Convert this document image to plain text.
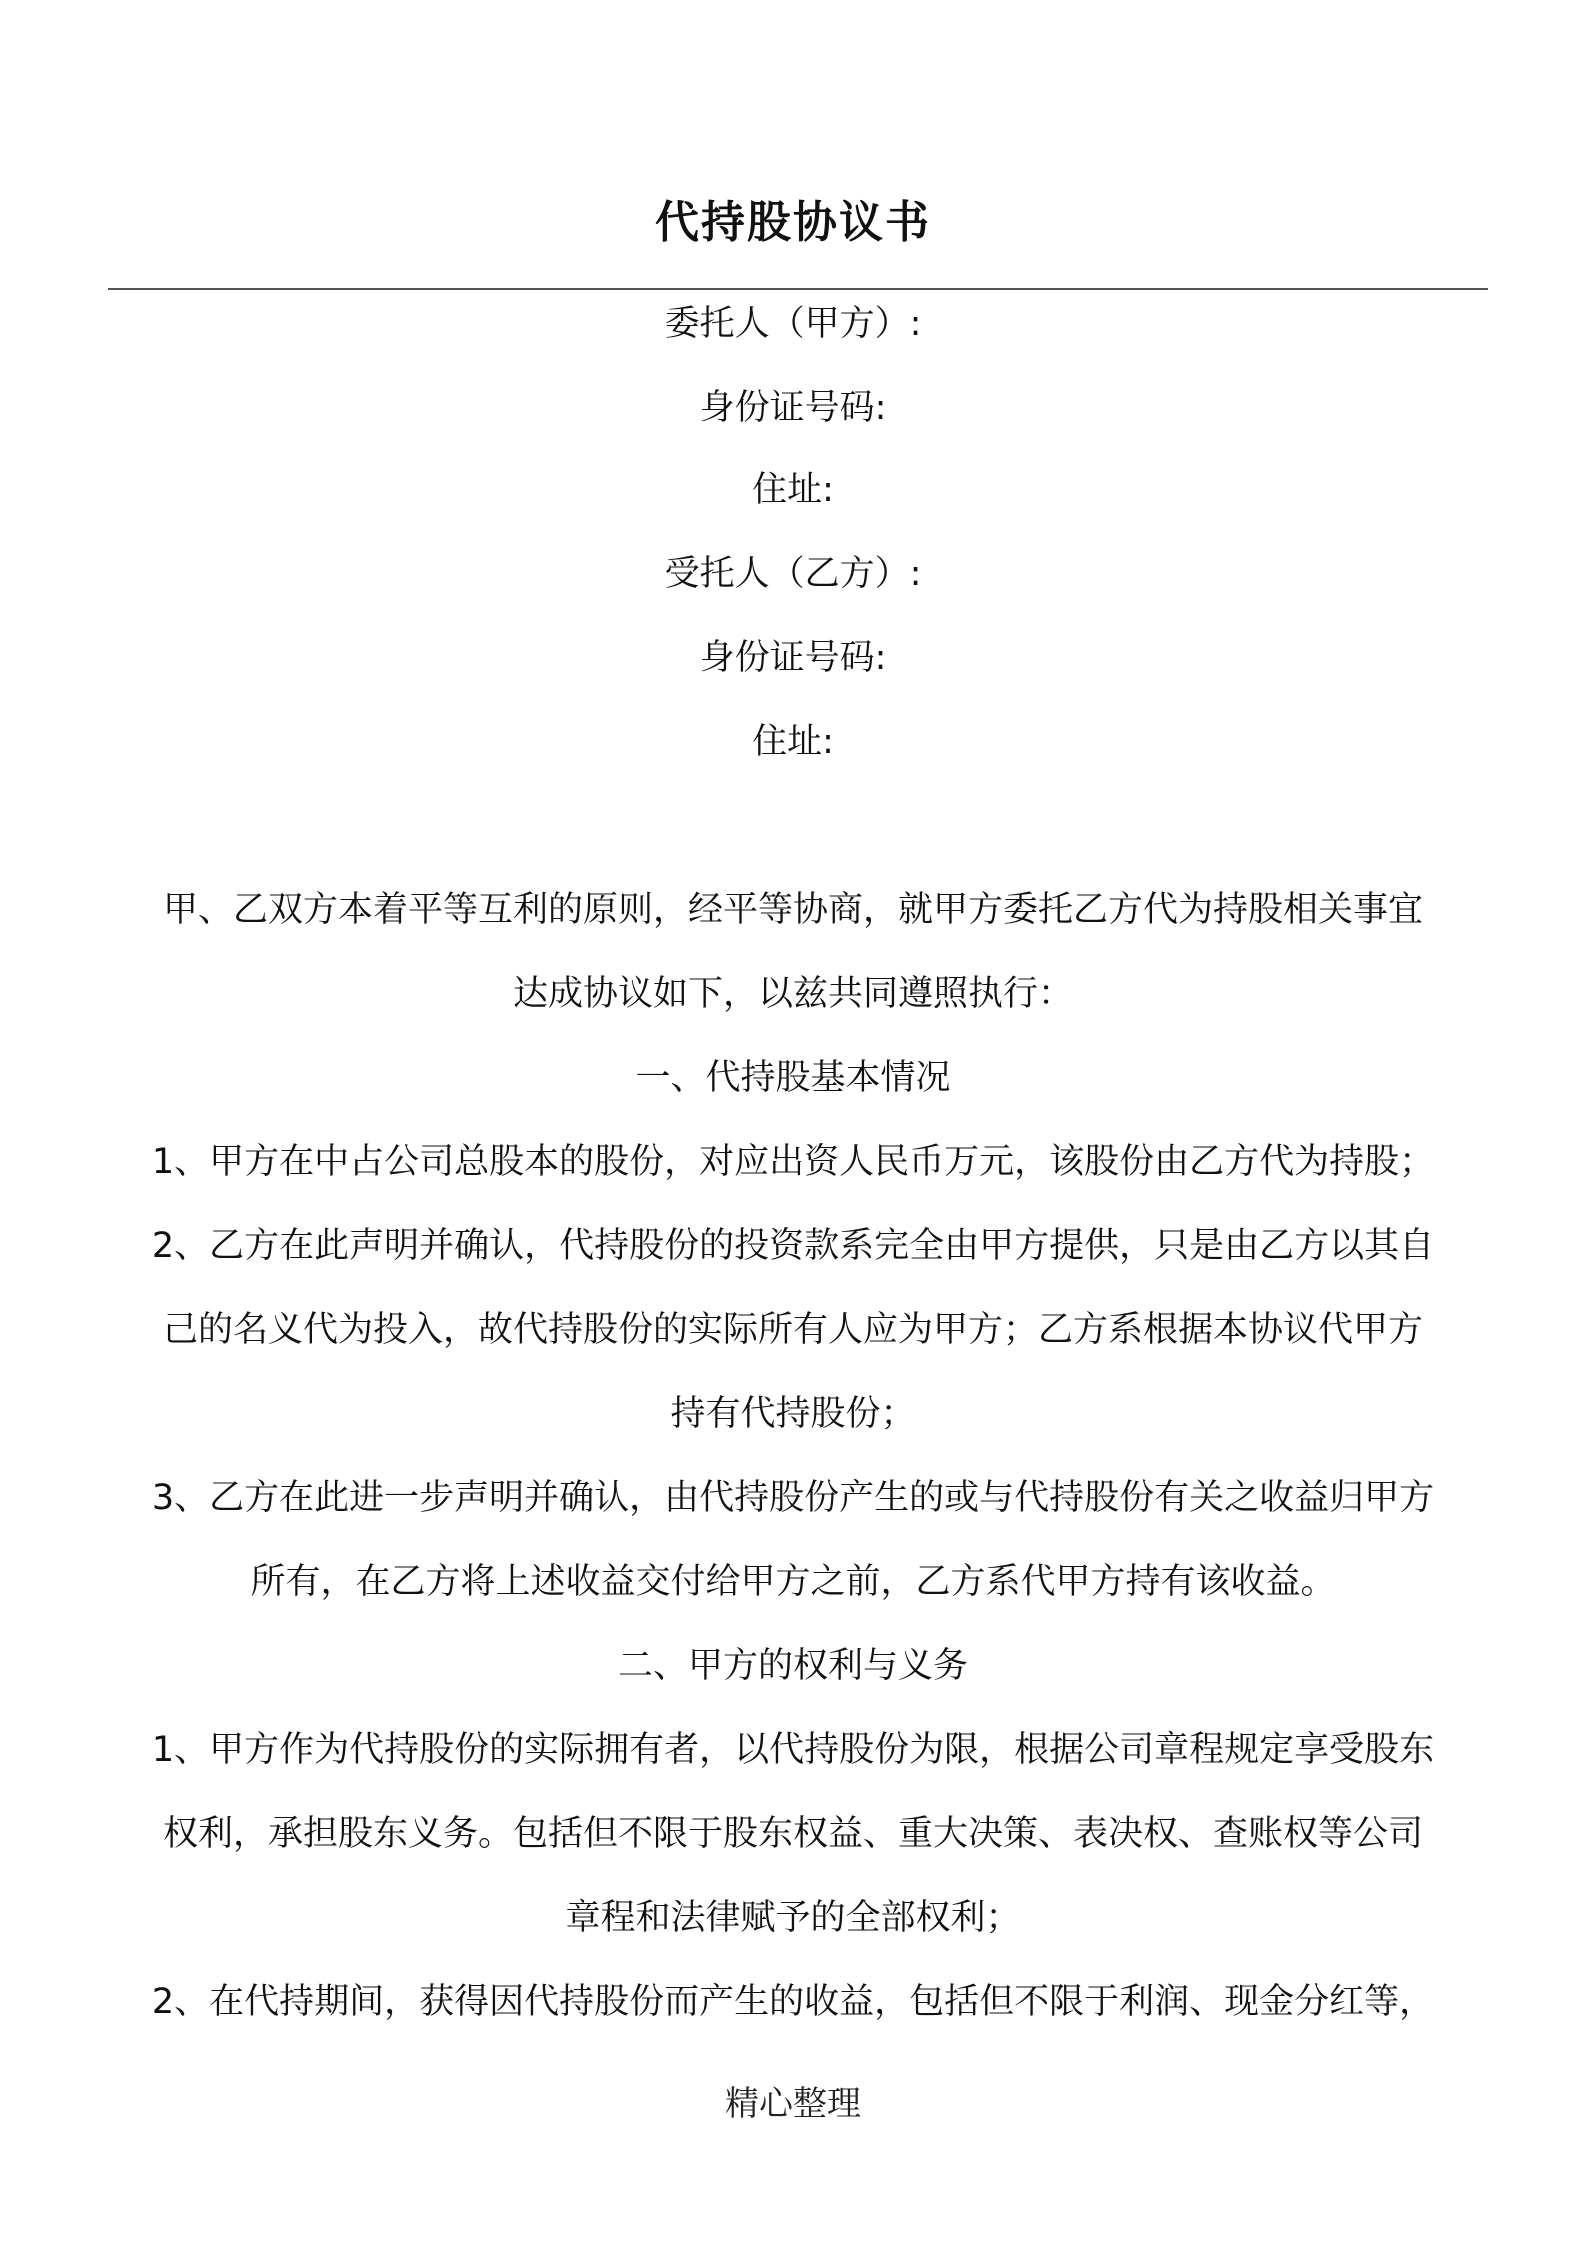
代持股协议书
委托人（甲方）:
身份证号码:
住址:
受托人（乙方）:
身份证号码:
住址:
甲、乙双方本着平等互利的原则，经平等协商，就甲方委托乙方代为持股相关事宜
达成协议如下，以兹共同遵照执行：
一、代持股基本情况
1、甲方在中占公司总股本的股份，对应出资人民币万元，该股份由乙方代为持股；
2、乙方在此声明并确认，代持股份的投资款系完全由甲方提供，只是由乙方以其自
己的名义代为投入，故代持股份的实际所有人应为甲方；乙方系根据本协议代甲方
持有代持股份；
3、乙方在此进一步声明并确认，由代持股份产生的或与代持股份有关之收益归甲方
所有，在乙方将上述收益交付给甲方之前，乙方系代甲方持有该收益。
二、甲方的权利与义务
1、甲方作为代持股份的实际拥有者，以代持股份为限，根据公司章程规定享受股东
权利，承担股东义务。包括但不限于股东权益、重大决策、表决权、查账权等公司
章程和法律赋予的全部权利；
2、在代持期间，获得因代持股份而产生的收益，包括但不限于利润、现金分红等，
精心整理
